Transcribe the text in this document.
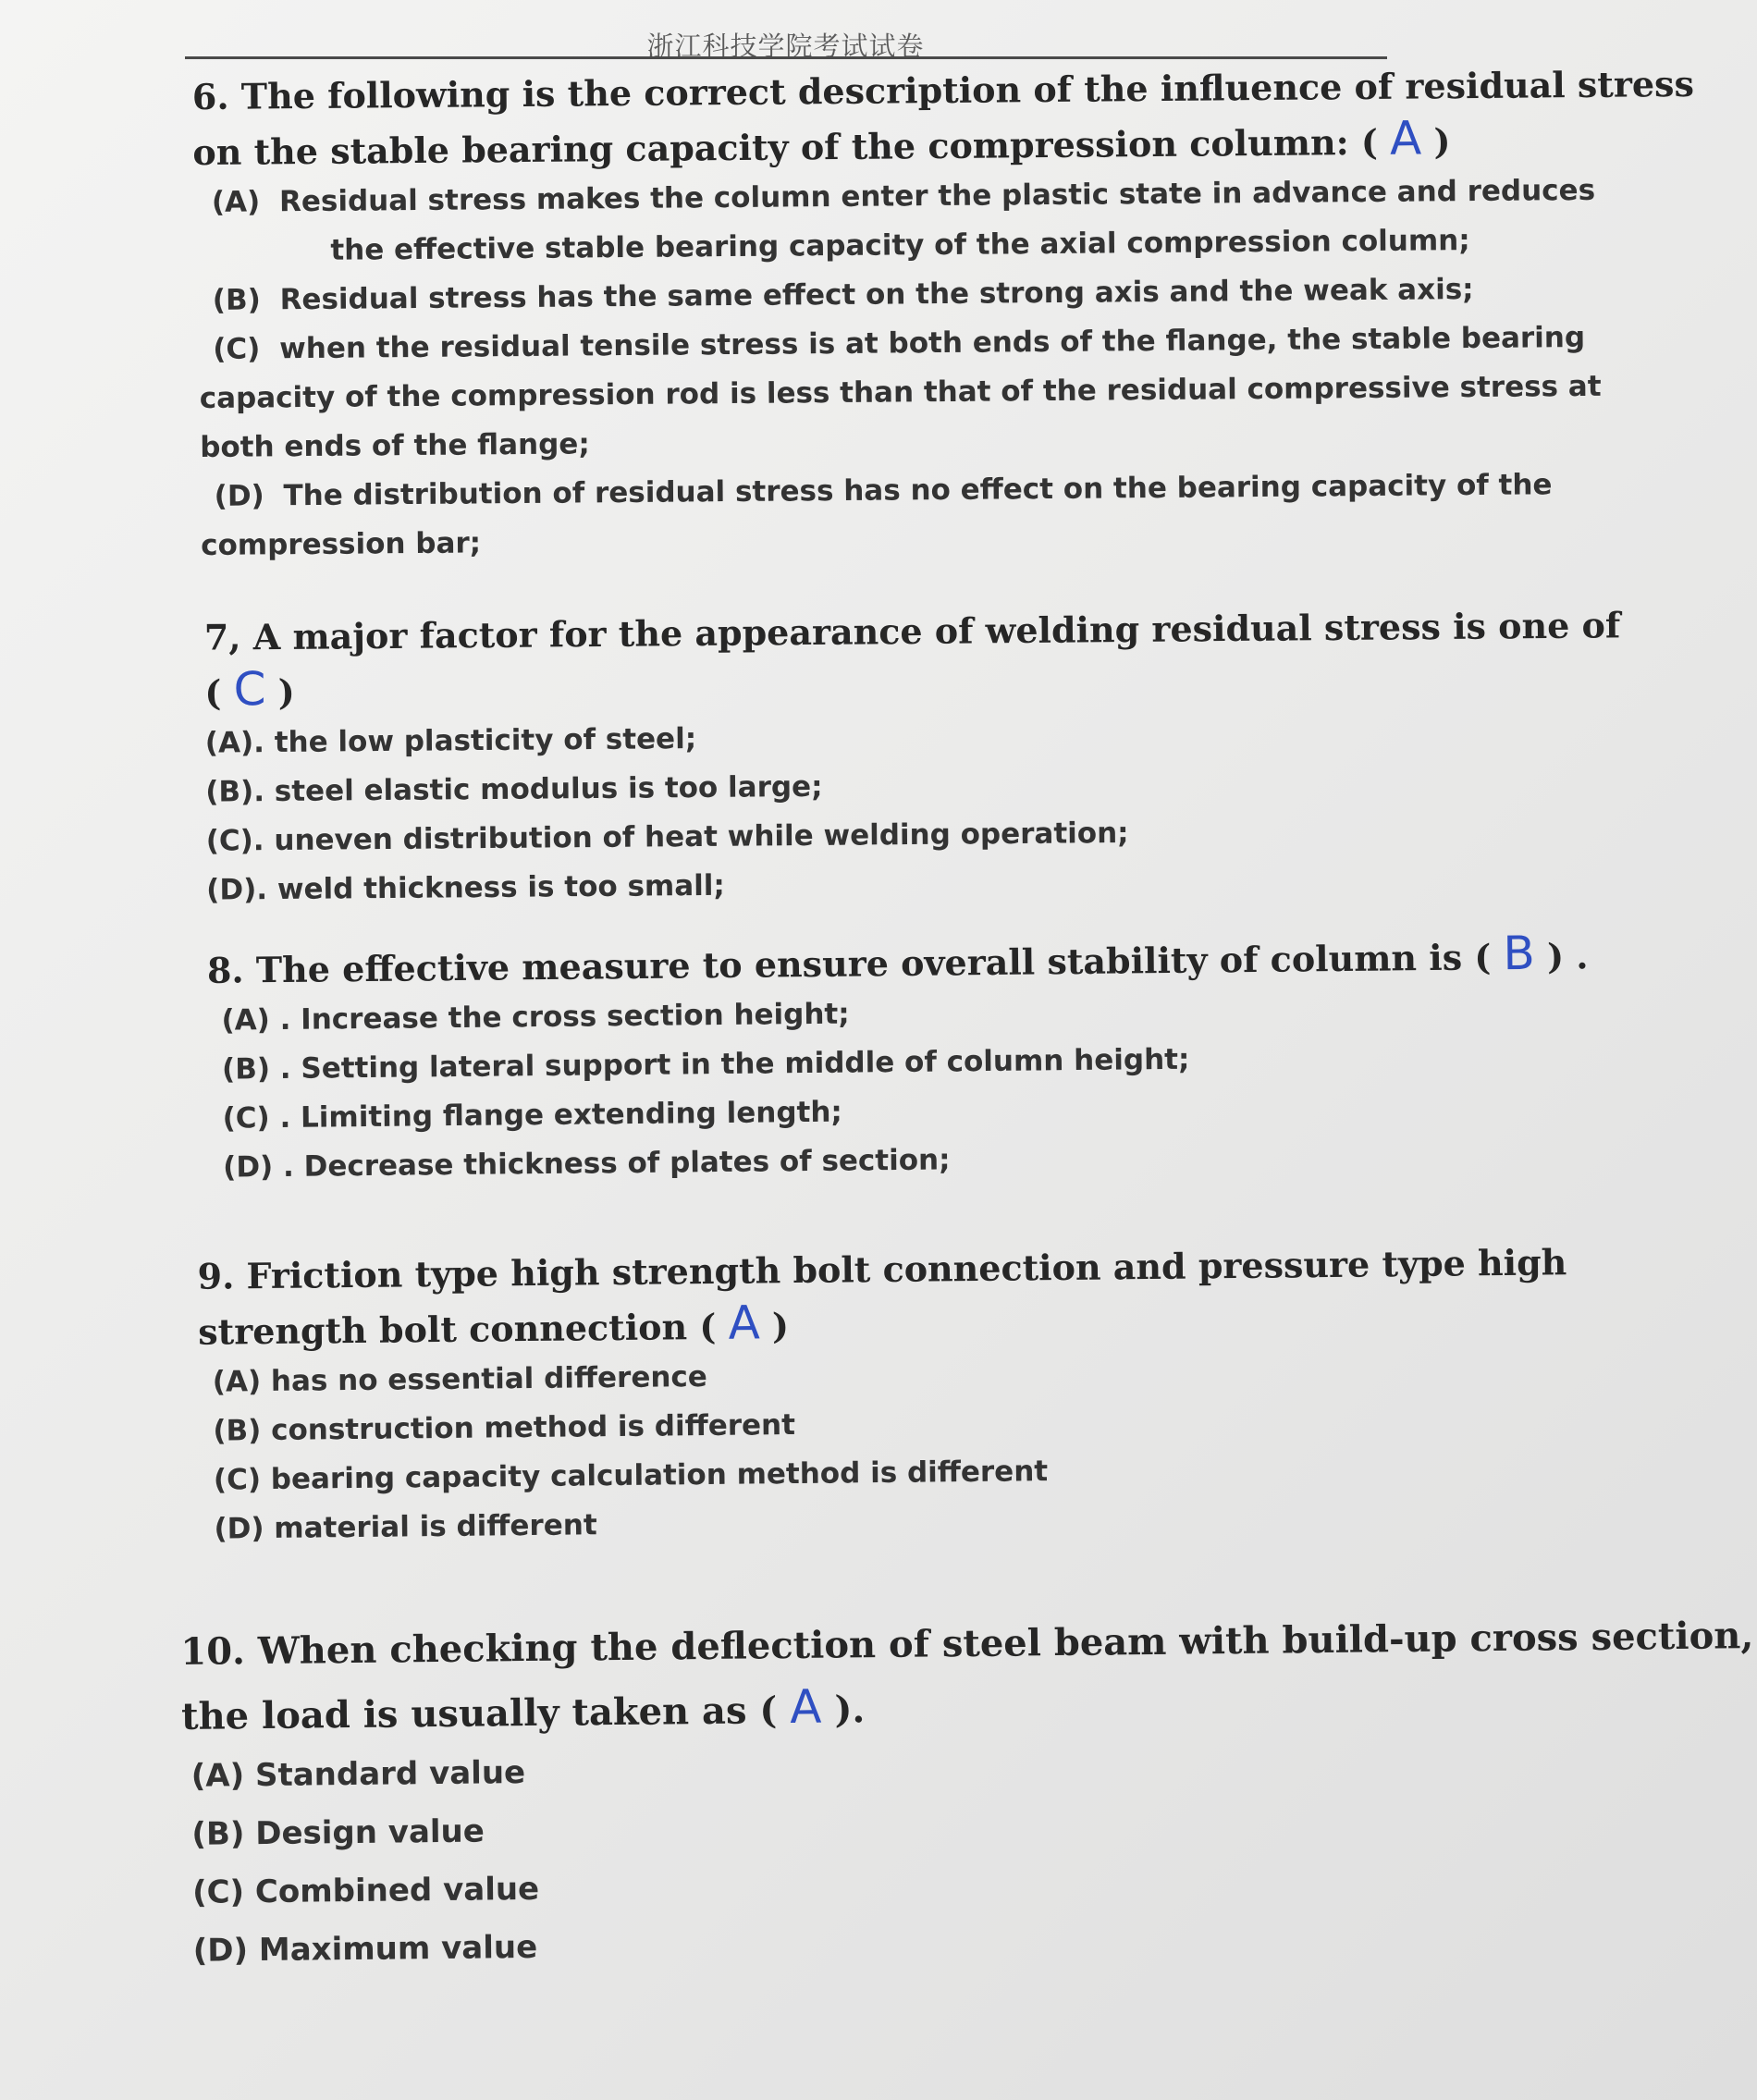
浙江科技学院考试试卷
6. The following is the correct description of the influence of residual stress
on the stable bearing capacity of the compression column: ( A )
(A) Residual stress makes the column enter the plastic state in advance and reduces
the effective stable bearing capacity of the axial compression column;
(B) Residual stress has the same effect on the strong axis and the weak axis;
(C) when the residual tensile stress is at both ends of the flange, the stable bearing
capacity of the compression rod is less than that of the residual compressive stress at
both ends of the flange;
(D) The distribution of residual stress has no effect on the bearing capacity of the
compression bar;
7, A major factor for the appearance of welding residual stress is one of
( C )
(A). the low plasticity of steel;
(B). steel elastic modulus is too large;
(C). uneven distribution of heat while welding operation;
(D). weld thickness is too small;
8. The effective measure to ensure overall stability of column is ( B ) .
(A) . Increase the cross section height;
(B) . Setting lateral support in the middle of column height;
(C) . Limiting flange extending length;
(D) . Decrease thickness of plates of section;
9. Friction type high strength bolt connection and pressure type high
strength bolt connection ( A )
(A) has no essential difference
(B) construction method is different
(C) bearing capacity calculation method is different
(D) material is different
10. When checking the deflection of steel beam with build-up cross section,
the load is usually taken as ( A ).
(A) Standard value
(B) Design value
(C) Combined value
(D) Maximum value
